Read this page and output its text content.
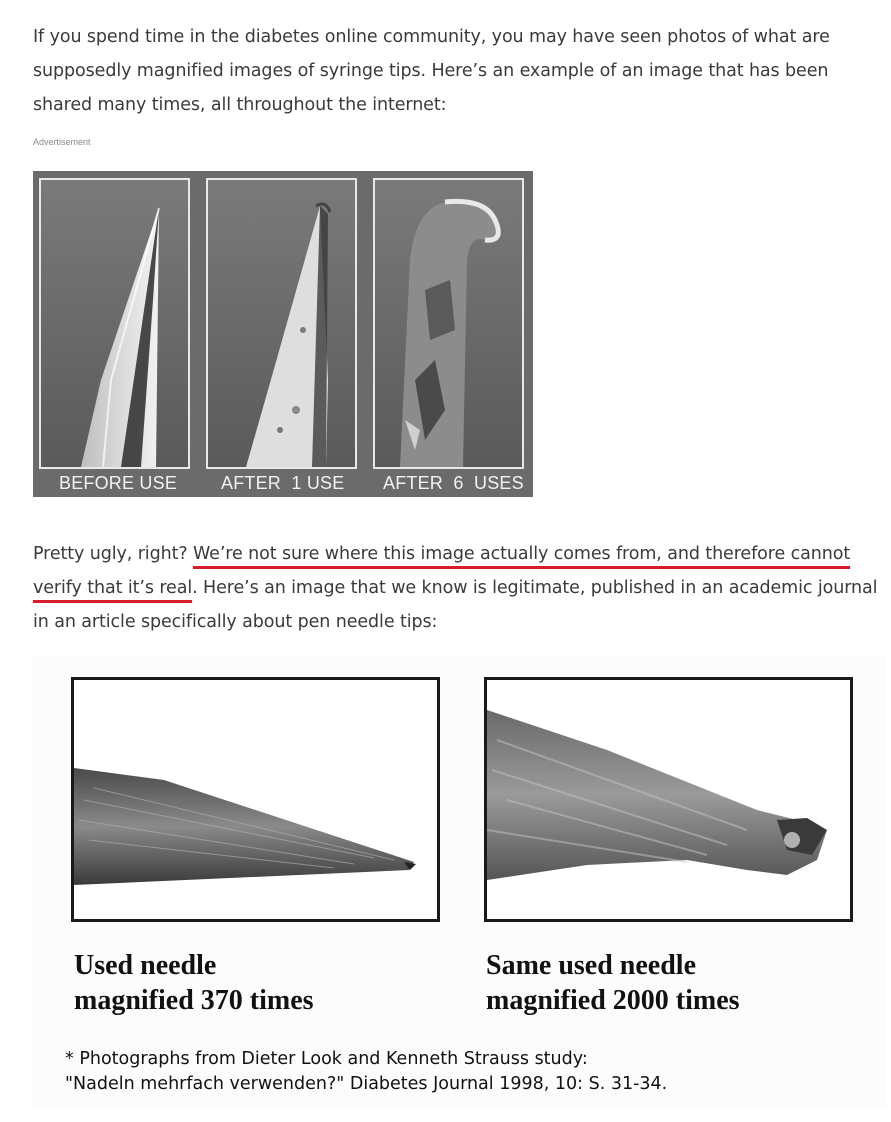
If you spend time in the diabetes online community, you may have seen photos of what are supposedly magnified images of syringe tips. Here’s an example of an image that has been shared many times, all throughout the internet:

Advertisement
BEFORE USE AFTER  1 USE AFTER  6  USES

Pretty ugly, right? We’re not sure where this image actually comes from, and therefore cannot verify that it’s real. Here’s an image that we know is legitimate, published in an academic journal in an article specifically about pen needle tips:

Used needle
magnified 370 times
Same used needle
magnified 2000 times
* Photographs from Dieter Look and Kenneth Strauss study:
"Nadeln mehrfach verwenden?" Diabetes Journal 1998, 10: S. 31-34.
